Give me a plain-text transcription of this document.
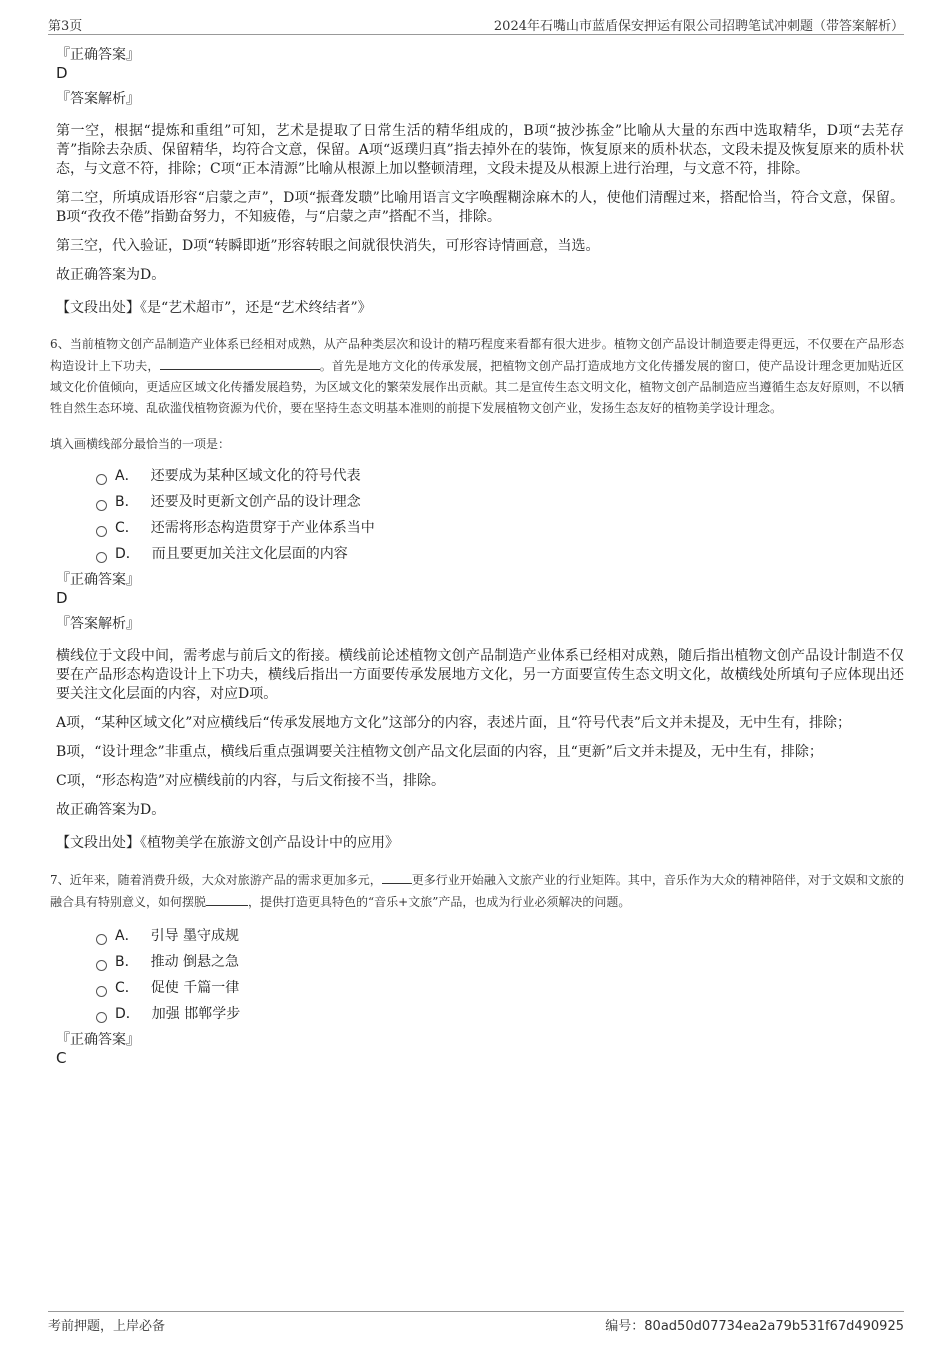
第3页	2024年石嘴山市蓝盾保安押运有限公司招聘笔试冲刺题（带答案解析）
『正确答案』
D
『答案解析』

第一空，根据“提炼和重组”可知，艺术是提取了日常生活的精华组成的，B项“披沙拣金”比喻从大量的东西中选取精华，D项“去芜存菁”指除去杂质、保留精华，均符合文意，保留。A项“返璞归真”指去掉外在的装饰，恢复原来的质朴状态，文段未提及恢复原来的质朴状态，与文意不符，排除；C项“正本清源”比喻从根源上加以整顿清理，文段未提及从根源上进行治理，与文意不符，排除。

第二空，所填成语形容“启蒙之声”，D项“振聋发聩”比喻用语言文字唤醒糊涂麻木的人，使他们清醒过来，搭配恰当，符合文意，保留。B项“孜孜不倦”指勤奋努力，不知疲倦，与“启蒙之声”搭配不当，排除。

第三空，代入验证，D项“转瞬即逝”形容转眼之间就很快消失，可形容诗情画意，当选。

故正确答案为D。

【文段出处】《是“艺术超市”，还是“艺术终结者”》

6、当前植物文创产品制造产业体系已经相对成熟，从产品种类层次和设计的精巧程度来看都有很大进步。植物文创产品设计制造要走得更远，不仅要在产品形态构造设计上下功夫，	。首先是地方文化的传承发展，把植物文创产品打造成地方文化传播发展的窗口，使产品设计理念更加贴近区域文化价值倾向，更适应区域文化传播发展趋势，为区域文化的繁荣发展作出贡献。其二是宣传生态文明文化，植物文创产品制造应当遵循生态友好原则，不以牺牲自然生态环境、乱砍滥伐植物资源为代价，要在坚持生态文明基本准则的前提下发展植物文创产业，发扬生态友好的植物美学设计理念。

填入画横线部分最恰当的一项是：

A． 还要成为某种区域文化的符号代表
B． 还要及时更新文创产品的设计理念
C． 还需将形态构造贯穿于产业体系当中
D． 而且要更加关注文化层面的内容
『正确答案』
D
『答案解析』

横线位于文段中间，需考虑与前后文的衔接。横线前论述植物文创产品制造产业体系已经相对成熟，随后指出植物文创产品设计制造不仅要在产品形态构造设计上下功夫，横线后指出一方面要传承发展地方文化，另一方面要宣传生态文明文化，故横线处所填句子应体现出还要关注文化层面的内容，对应D项。

A项，“某种区域文化”对应横线后“传承发展地方文化”这部分的内容，表述片面，且“符号代表”后文并未提及，无中生有，排除；

B项，“设计理念”非重点，横线后重点强调要关注植物文创产品文化层面的内容，且“更新”后文并未提及，无中生有，排除；

C项，“形态构造”对应横线前的内容，与后文衔接不当，排除。

故正确答案为D。

【文段出处】《植物美学在旅游文创产品设计中的应用》

7、近年来，随着消费升级，大众对旅游产品的需求更加多元，	更多行业开始融入文旅产业的行业矩阵。其中，音乐作为大众的精神陪伴，对于文娱和文旅的融合具有特别意义，如何摆脱	，提供打造更具特色的“音乐+文旅”产品，也成为行业必须解决的问题。

A． 引导 墨守成规
B． 推动 倒悬之急
C． 促使 千篇一律
D． 加强 邯郸学步
『正确答案』
C
考前押题，上岸必备	编号：80ad50d07734ea2a79b531f67d490925
